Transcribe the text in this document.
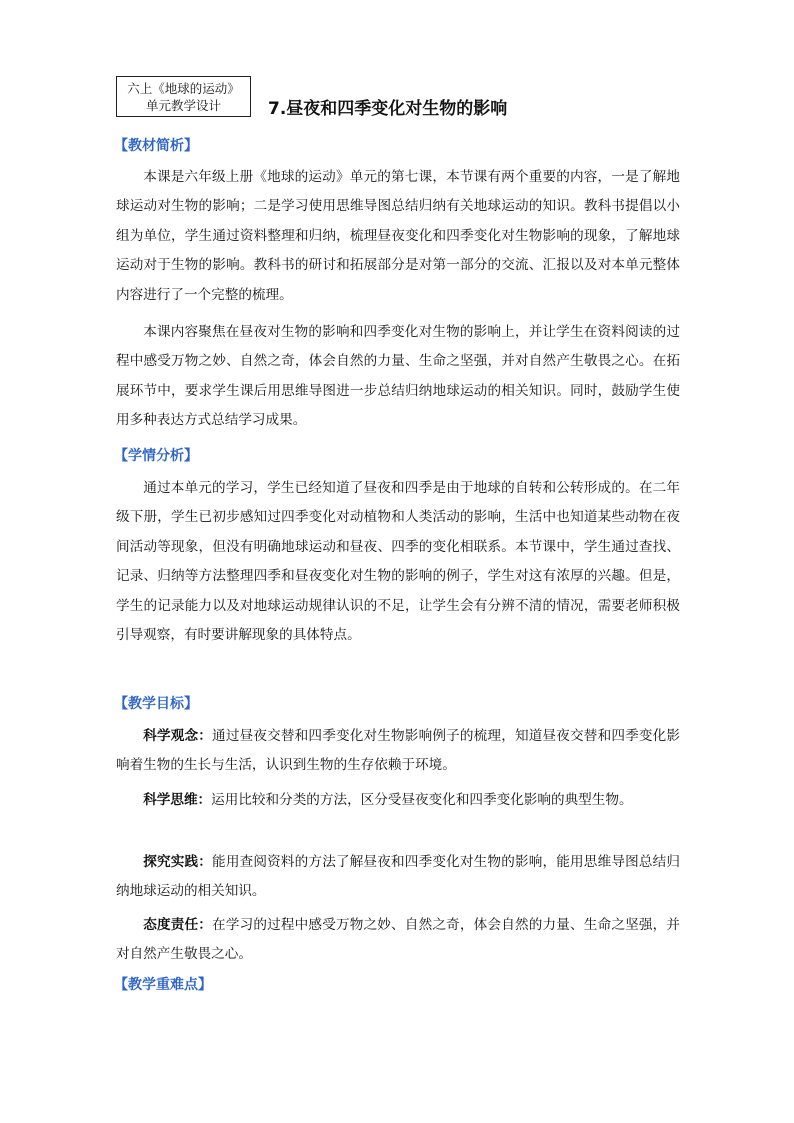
六上《地球的运动》
单元教学设计	7.昼夜和四季变化对生物的影响
【教材简析】

本课是六年级上册《地球的运动》单元的第七课，本节课有两个重要的内容，一是了解地球运动对生物的影响；二是学习使用思维导图总结归纳有关地球运动的知识。教科书提倡以小组为单位，学生通过资料整理和归纳，梳理昼夜变化和四季变化对生物影响的现象，了解地球运动对于生物的影响。教科书的研讨和拓展部分是对第一部分的交流、汇报以及对本单元整体内容进行了一个完整的梳理。

本课内容聚焦在昼夜对生物的影响和四季变化对生物的影响上，并让学生在资料阅读的过程中感受万物之妙、自然之奇，体会自然的力量、生命之坚强，并对自然产生敬畏之心。在拓展环节中，要求学生课后用思维导图进一步总结归纳地球运动的相关知识。同时，鼓励学生使用多种表达方式总结学习成果。

【学情分析】

通过本单元的学习，学生已经知道了昼夜和四季是由于地球的自转和公转形成的。在二年级下册，学生已初步感知过四季变化对动植物和人类活动的影响，生活中也知道某些动物在夜间活动等现象，但没有明确地球运动和昼夜、四季的变化相联系。本节课中，学生通过查找、记录、归纳等方法整理四季和昼夜变化对生物的影响的例子，学生对这有浓厚的兴趣。但是，学生的记录能力以及对地球运动规律认识的不足，让学生会有分辨不清的情况，需要老师积极引导观察，有时要讲解现象的具体特点。

【教学目标】

科学观念：通过昼夜交替和四季变化对生物影响例子的梳理，知道昼夜交替和四季变化影响着生物的生长与生活，认识到生物的生存依赖于环境。

科学思维：运用比较和分类的方法，区分受昼夜变化和四季变化影响的典型生物。

探究实践：能用查阅资料的方法了解昼夜和四季变化对生物的影响，能用思维导图总结归纳地球运动的相关知识。

态度责任：在学习的过程中感受万物之妙、自然之奇，体会自然的力量、生命之坚强，并对自然产生敬畏之心。

【教学重难点】
